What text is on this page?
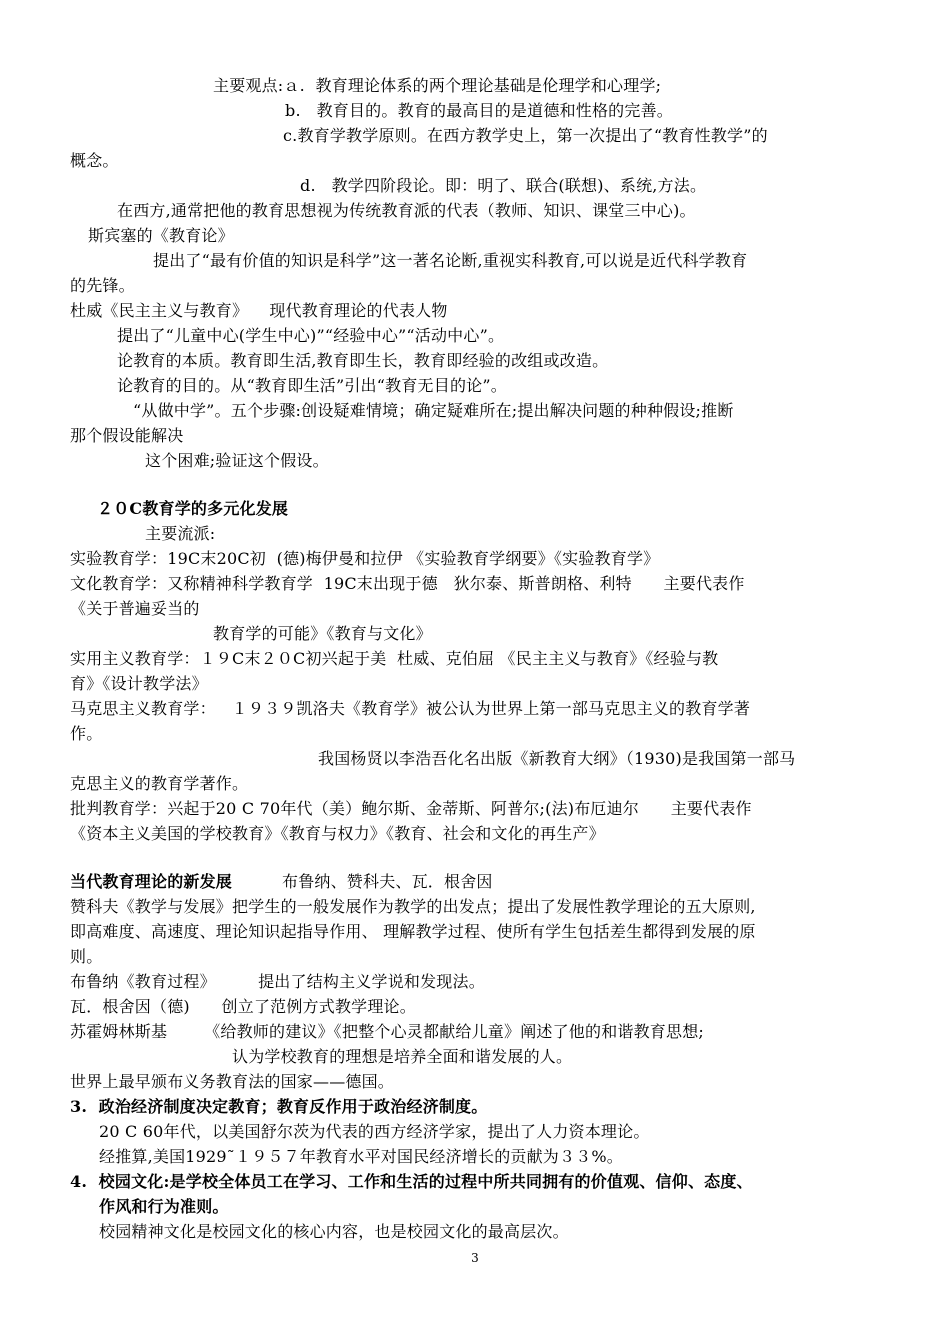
主要观点:ａ.  教育理论体系的两个理论基础是伦理学和心理学;
b.   教育目的。教育的最高目的是道德和性格的完善。
c.教育学教学原则。在西方教学史上，第一次提出了“教育性教学”的
概念。
d.   教学四阶段论。即：明了、联合(联想)、系统,方法。
在西方,通常把他的教育思想视为传统教育派的代表（教师、知识、课堂三中心)。
斯宾塞的《教育论》
提出了“最有价值的知识是科学”这一著名论断,重视实科教育,可以说是近代科学教育
的先锋。
杜威《民主主义与教育》    现代教育理论的代表人物
提出了“儿童中心(学生中心)”“经验中心”“活动中心”。
论教育的本质。教育即生活,教育即生长，教育即经验的改组或改造。
论教育的目的。从“教育即生活”引出“教育无目的论”。
“从做中学”。五个步骤:创设疑难情境；确定疑难所在;提出解决问题的种种假设;推断
那个假设能解决
这个困难;验证这个假设。
２０C教育学的多元化发展
主要流派:
实验教育学：19C末20C初  (德)梅伊曼和拉伊 《实验教育学纲要》《实验教育学》
文化教育学：又称精神科学教育学  19C末出现于德   狄尔泰、斯普朗格、利特      主要代表作
《关于普遍妥当的
教育学的可能》《教育与文化》
实用主义教育学：１９C末２０C初兴起于美  杜威、克伯屈 《民主主义与教育》《经验与教
育》《设计教学法》
马克思主义教育学：   １９３９凯洛夫《教育学》被公认为世界上第一部马克思主义的教育学著
作。
我国杨贤以李浩吾化名出版《新教育大纲》（1930)是我国第一部马
克思主义的教育学著作。
批判教育学：兴起于20 C 70年代（美）鲍尔斯、金蒂斯、阿普尔;(法)布厄迪尔      主要代表作
《资本主义美国的学校教育》《教育与权力》《教育、社会和文化的再生产》
当代教育理论的新发展	布鲁纳、赞科夫、瓦．根舍因
赞科夫《教学与发展》把学生的一般发展作为教学的出发点；提出了发展性教学理论的五大原则,
即高难度、高速度、理论知识起指导作用、 理解教学过程、使所有学生包括差生都得到发展的原
则。
布鲁纳《教育过程》        提出了结构主义学说和发现法。
瓦．根舍因（德)      创立了范例方式教学理论。
苏霍姆林斯基       《给教师的建议》《把整个心灵都献给儿童》阐述了他的和谐教育思想;
认为学校教育的理想是培养全面和谐发展的人。
世界上最早颁布义务教育法的国家——德国。
3.  政治经济制度决定教育；教育反作用于政治经济制度。
20 C 60年代，以美国舒尔茨为代表的西方经济学家，提出了人力资本理论。
经推算,美国1929˜１９５７年教育水平对国民经济增长的贡献为３３%。
4.  校园文化:是学校全体员工在学习、工作和生活的过程中所共同拥有的价值观、信仰、态度、
作风和行为准则。
校园精神文化是校园文化的核心内容，也是校园文化的最高层次。
3
